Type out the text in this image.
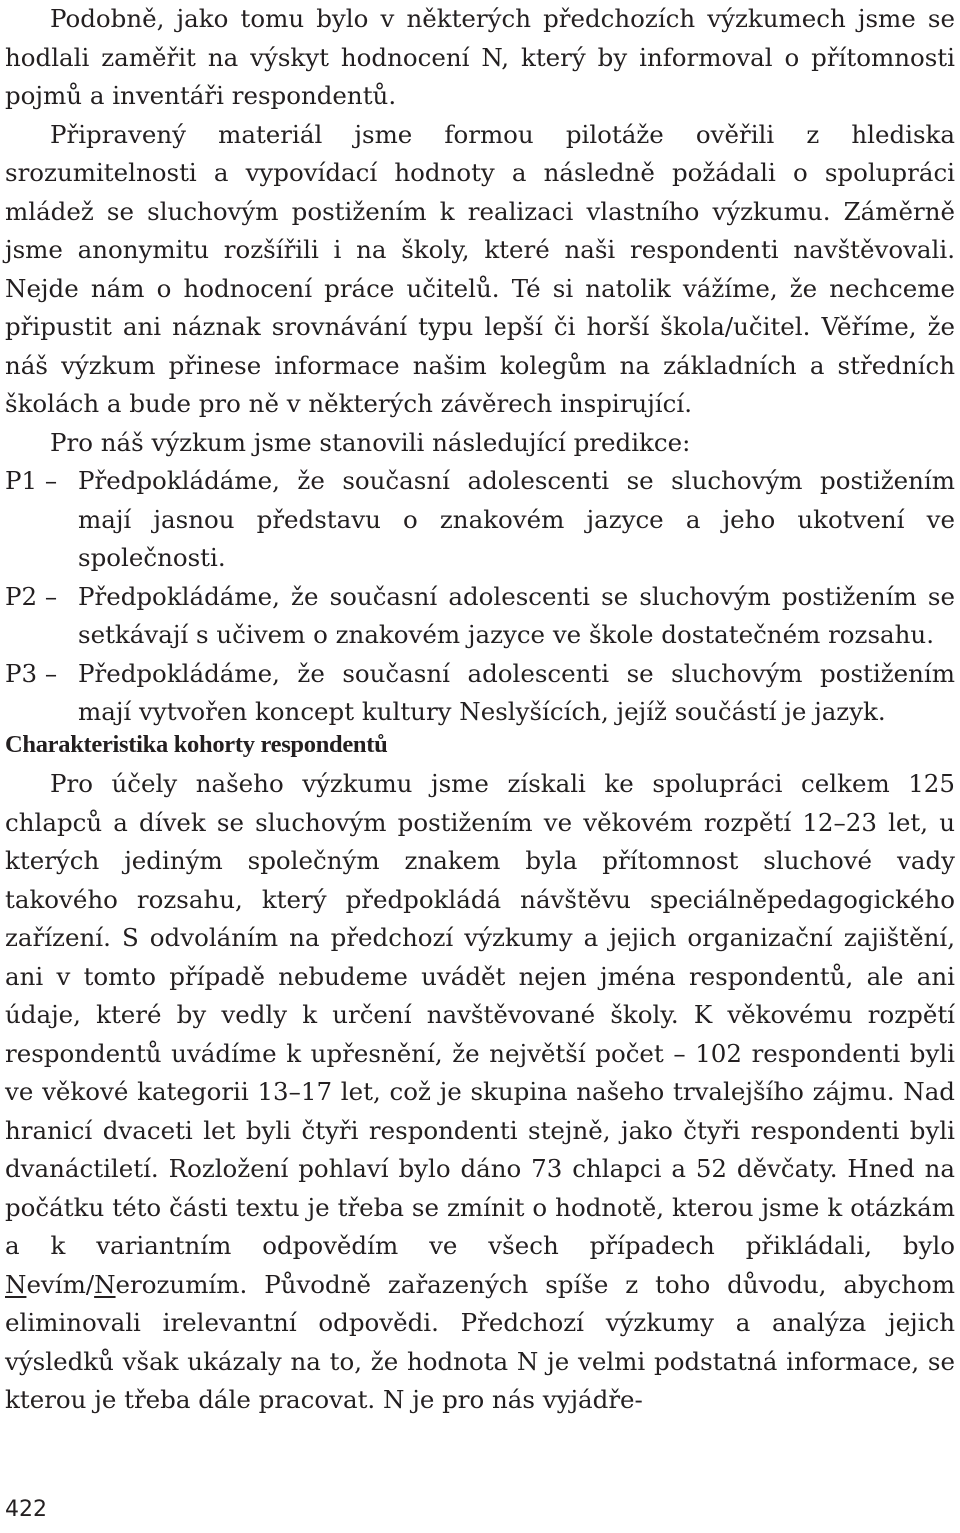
Podobně, jako tomu bylo v některých předchozích výzkumech jsme se hodlali zaměřit na výskyt hodnocení N, který by informoval o přítomnosti pojmů a inventáři respondentů.

Připravený materiál jsme formou pilotáže ověřili z hlediska srozumitelnosti a vypovídací hodnoty a následně požádali o spolupráci mládež se sluchovým postižením k realizaci vlastního výzkumu. Záměrně jsme anonymitu rozšířili i na školy, které naši respondenti navštěvovali. Nejde nám o hodnocení práce učitelů. Té si natolik vážíme, že nechceme připustit ani náznak srovnávání typu lepší či horší škola/učitel. Věříme, že náš výzkum přinese informace našim kolegům na základních a středních školách a bude pro ně v některých závěrech inspirující.

Pro náš výzkum jsme stanovili následující predikce:

P1 – Předpokládáme, že současní adolescenti se sluchovým postižením mají jasnou představu o znakovém jazyce a jeho ukotvení ve společnosti.
P2 – Předpokládáme, že současní adolescenti se sluchovým postižením se setkávají s učivem o znakovém jazyce ve škole dostatečném rozsahu.
P3 – Předpokládáme, že současní adolescenti se sluchovým postižením mají vytvořen koncept kultury Neslyšících, jejíž součástí je jazyk.
Charakteristika kohorty respondentů

Pro účely našeho výzkumu jsme získali ke spolupráci celkem 125 chlapců a dívek se sluchovým postižením ve věkovém rozpětí 12–23 let, u kterých jediným společným znakem byla přítomnost sluchové vady takového rozsahu, který předpokládá návštěvu speciálněpedagogického zařízení. S odvoláním na předchozí výzkumy a jejich organizační zajištění, ani v tomto případě nebudeme uvádět nejen jména respondentů, ale ani údaje, které by vedly k určení navštěvované školy. K věkovému rozpětí respondentů uvádíme k upřesnění, že největší počet – 102 respondenti byli ve věkové kategorii 13–17 let, což je skupina našeho trvalejšího zájmu. Nad hranicí dvaceti let byli čtyři respondenti stejně, jako čtyři respondenti byli dvanáctiletí. Rozložení pohlaví bylo dáno 73 chlapci a 52 děvčaty. Hned na počátku této části textu je třeba se zmínit o hodnotě, kterou jsme k otázkám a k variantním odpovědím ve všech případech přikládali, bylo Nevím/Nerozumím. Původně zařazených spíše z toho důvodu, abychom eliminovali irelevantní odpovědi. Předchozí výzkumy a analýza jejich výsledků však ukázaly na to, že hodnota N je velmi podstatná informace, se kterou je třeba dále pracovat. N je pro nás vyjádře-

422
